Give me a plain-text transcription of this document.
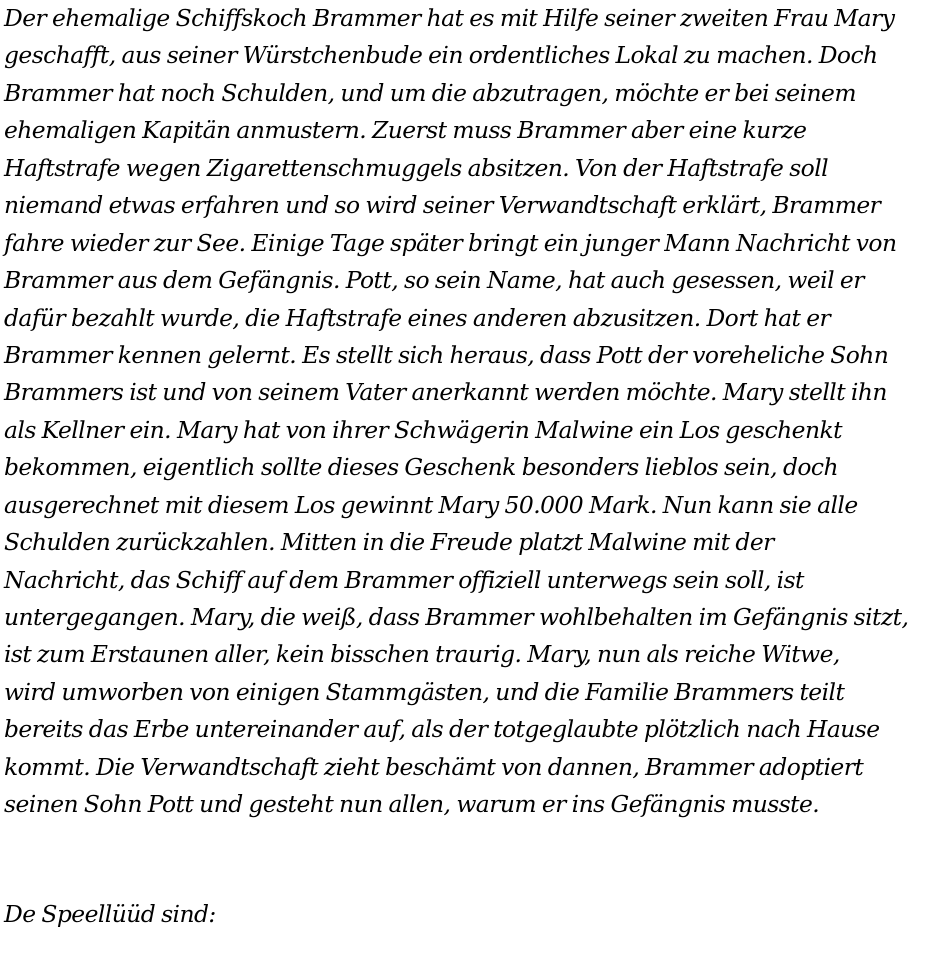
Der ehemalige Schiffskoch Brammer hat es mit Hilfe seiner zweiten Frau Mary
geschafft, aus seiner Würstchenbude ein ordentliches Lokal zu machen. Doch
Brammer hat noch Schulden, und um die abzutragen, möchte er bei seinem
ehemaligen Kapitän anmustern. Zuerst muss Brammer aber eine kurze
Haftstrafe wegen Zigarettenschmuggels absitzen. Von der Haftstrafe soll
niemand etwas erfahren und so wird seiner Verwandtschaft erklärt, Brammer
fahre wieder zur See. Einige Tage später bringt ein junger Mann Nachricht von
Brammer aus dem Gefängnis. Pott, so sein Name, hat auch gesessen, weil er
dafür bezahlt wurde, die Haftstrafe eines anderen abzusitzen. Dort hat er
Brammer kennen gelernt. Es stellt sich heraus, dass Pott der voreheliche Sohn
Brammers ist und von seinem Vater anerkannt werden möchte. Mary stellt ihn
als Kellner ein. Mary hat von ihrer Schwägerin Malwine ein Los geschenkt
bekommen, eigentlich sollte dieses Geschenk besonders lieblos sein, doch
ausgerechnet mit diesem Los gewinnt Mary 50.000 Mark. Nun kann sie alle
Schulden zurückzahlen. Mitten in die Freude platzt Malwine mit der
Nachricht, das Schiff auf dem Brammer offiziell unterwegs sein soll, ist
untergegangen. Mary, die weiß, dass Brammer wohlbehalten im Gefängnis sitzt,
ist zum Erstaunen aller, kein bisschen traurig. Mary, nun als reiche Witwe,
wird umworben von einigen Stammgästen, und die Familie Brammers teilt
bereits das Erbe untereinander auf, als der totgeglaubte plötzlich nach Hause
kommt. Die Verwandtschaft zieht beschämt von dannen, Brammer adoptiert
seinen Sohn Pott und gesteht nun allen, warum er ins Gefängnis musste.
De Speellüüd sind:
